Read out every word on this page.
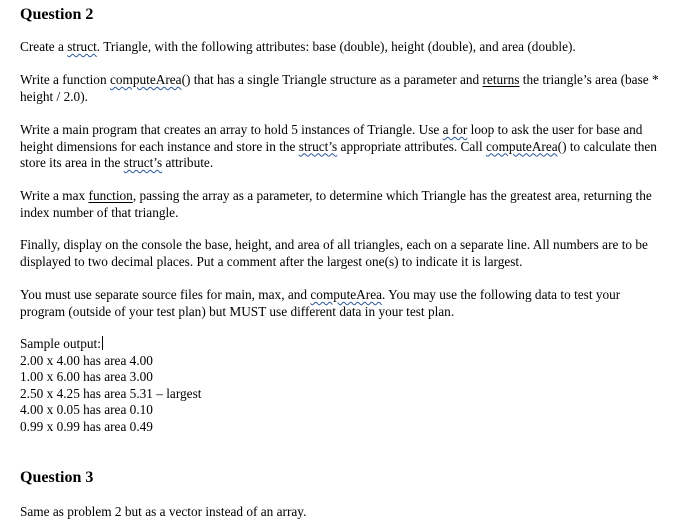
Question 2
Create a struct. Triangle, with the following attributes: base (double), height (double), and area (double).
Write a function computeArea() that has a single Triangle structure as a parameter and returns the triangle’s area (base * height / 2.0).
Write a main program that creates an array to hold 5 instances of Triangle. Use a for loop to ask the user for base and height dimensions for each instance and store in the struct’s appropriate attributes. Call computeArea() to calculate then store its area in the struct’s attribute.
Write a max function, passing the array as a parameter, to determine which Triangle has the greatest area, returning the index number of that triangle.
Finally, display on the console the base, height, and area of all triangles, each on a separate line. All numbers are to be displayed to two decimal places. Put a comment after the largest one(s) to indicate it is largest.
You must use separate source files for main, max, and computeArea. You may use the following data to test your program (outside of your test plan) but MUST use different data in your test plan.
Sample output:
2.00 x 4.00 has area 4.00
1.00 x 6.00 has area 3.00
2.50 x 4.25 has area 5.31 – largest
4.00 x 0.05 has area 0.10
0.99 x 0.99 has area 0.49
Question 3
Same as problem 2 but as a vector instead of an array.
